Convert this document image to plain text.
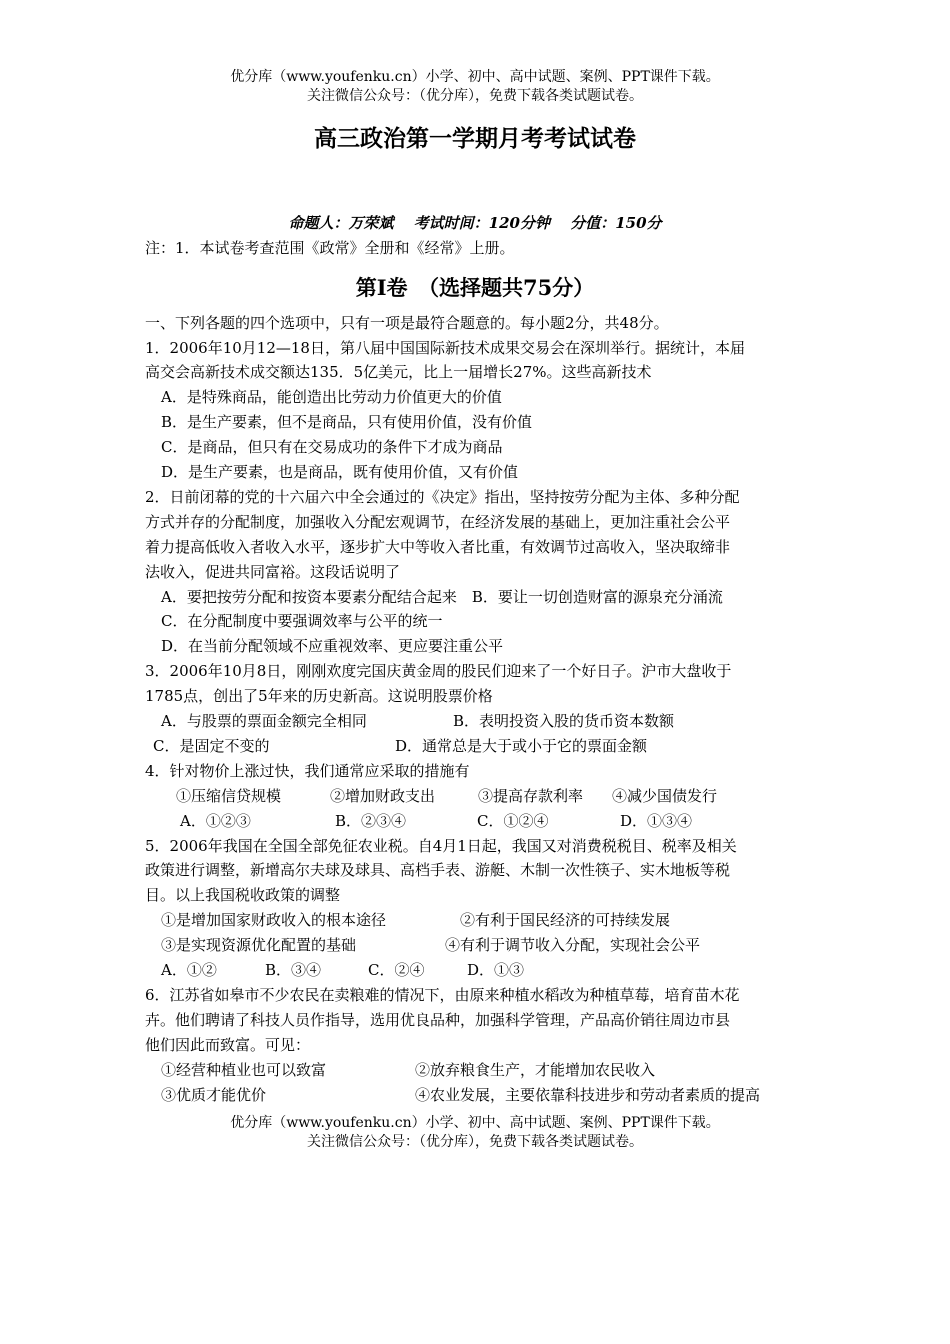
优分库（www.youfenku.cn）小学、初中、高中试题、案例、PPT课件下载。
关注微信公众号：（优分库），免费下载各类试题试卷。
高三政治第一学期月考考试试卷
命题人：万荣斌　 考试时间：120分钟　 分值：150分
注：1．本试卷考查范围《政常》全册和《经常》上册。
第Ⅰ卷　（选择题共75分）
一、下列各题的四个选项中，只有一项是最符合题意的。每小题2分，共48分。
1．2006年10月12—18日，第八届中国国际新技术成果交易会在深圳举行。据统计，本届
高交会高新技术成交额达135．5亿美元，比上一届增长27%。这些高新技术
A．是特殊商品，能创造出比劳动力价值更大的价值
B．是生产要素，但不是商品，只有使用价值，没有价值
C．是商品，但只有在交易成功的条件下才成为商品
D．是生产要素，也是商品，既有使用价值，又有价值
2．日前闭幕的党的十六届六中全会通过的《决定》指出，坚持按劳分配为主体、多种分配
方式并存的分配制度，加强收入分配宏观调节，在经济发展的基础上，更加注重社会公平
着力提高低收入者收入水平，逐步扩大中等收入者比重，有效调节过高收入，坚决取缔非
法收入，促进共同富裕。这段话说明了
A．要把按劳分配和按资本要素分配结合起来　B．要让一切创造财富的源泉充分涌流
C．在分配制度中要强调效率与公平的统一
D．在当前分配领域不应重视效率、更应要注重公平
3．2006年10月8日，刚刚欢度完国庆黄金周的股民们迎来了一个好日子。沪市大盘收于
1785点，创出了5年来的历史新高。这说明股票价格
A．与股票的票面金额完全相同	B．表明投资入股的货币资本数额
C．是固定不变的	D．通常总是大于或小于它的票面金额
4．针对物价上涨过快，我们通常应采取的措施有
①压缩信贷规模	②增加财政支出	③提高存款利率	④减少国债发行
A．①②③	B．②③④	C．①②④	D．①③④
5．2006年我国在全国全部免征农业税。自4月1日起，我国又对消费税税目、税率及相关
政策进行调整，新增高尔夫球及球具、高档手表、游艇、木制一次性筷子、实木地板等税
目。以上我国税收政策的调整
①是增加国家财政收入的根本途径	②有利于国民经济的可持续发展
③是实现资源优化配置的基础	④有利于调节收入分配，实现社会公平
A．①②	B．③④	C．②④	D．①③
6．江苏省如皋市不少农民在卖粮难的情况下，由原来种植水稻改为种植草莓，培育苗木花
卉。他们聘请了科技人员作指导，选用优良品种，加强科学管理，产品高价销往周边市县
他们因此而致富。可见：
①经营种植业也可以致富	②放弃粮食生产，才能增加农民收入
③优质才能优价	④农业发展，主要依靠科技进步和劳动者素质的提高
优分库（www.youfenku.cn）小学、初中、高中试题、案例、PPT课件下载。
关注微信公众号：（优分库），免费下载各类试题试卷。
